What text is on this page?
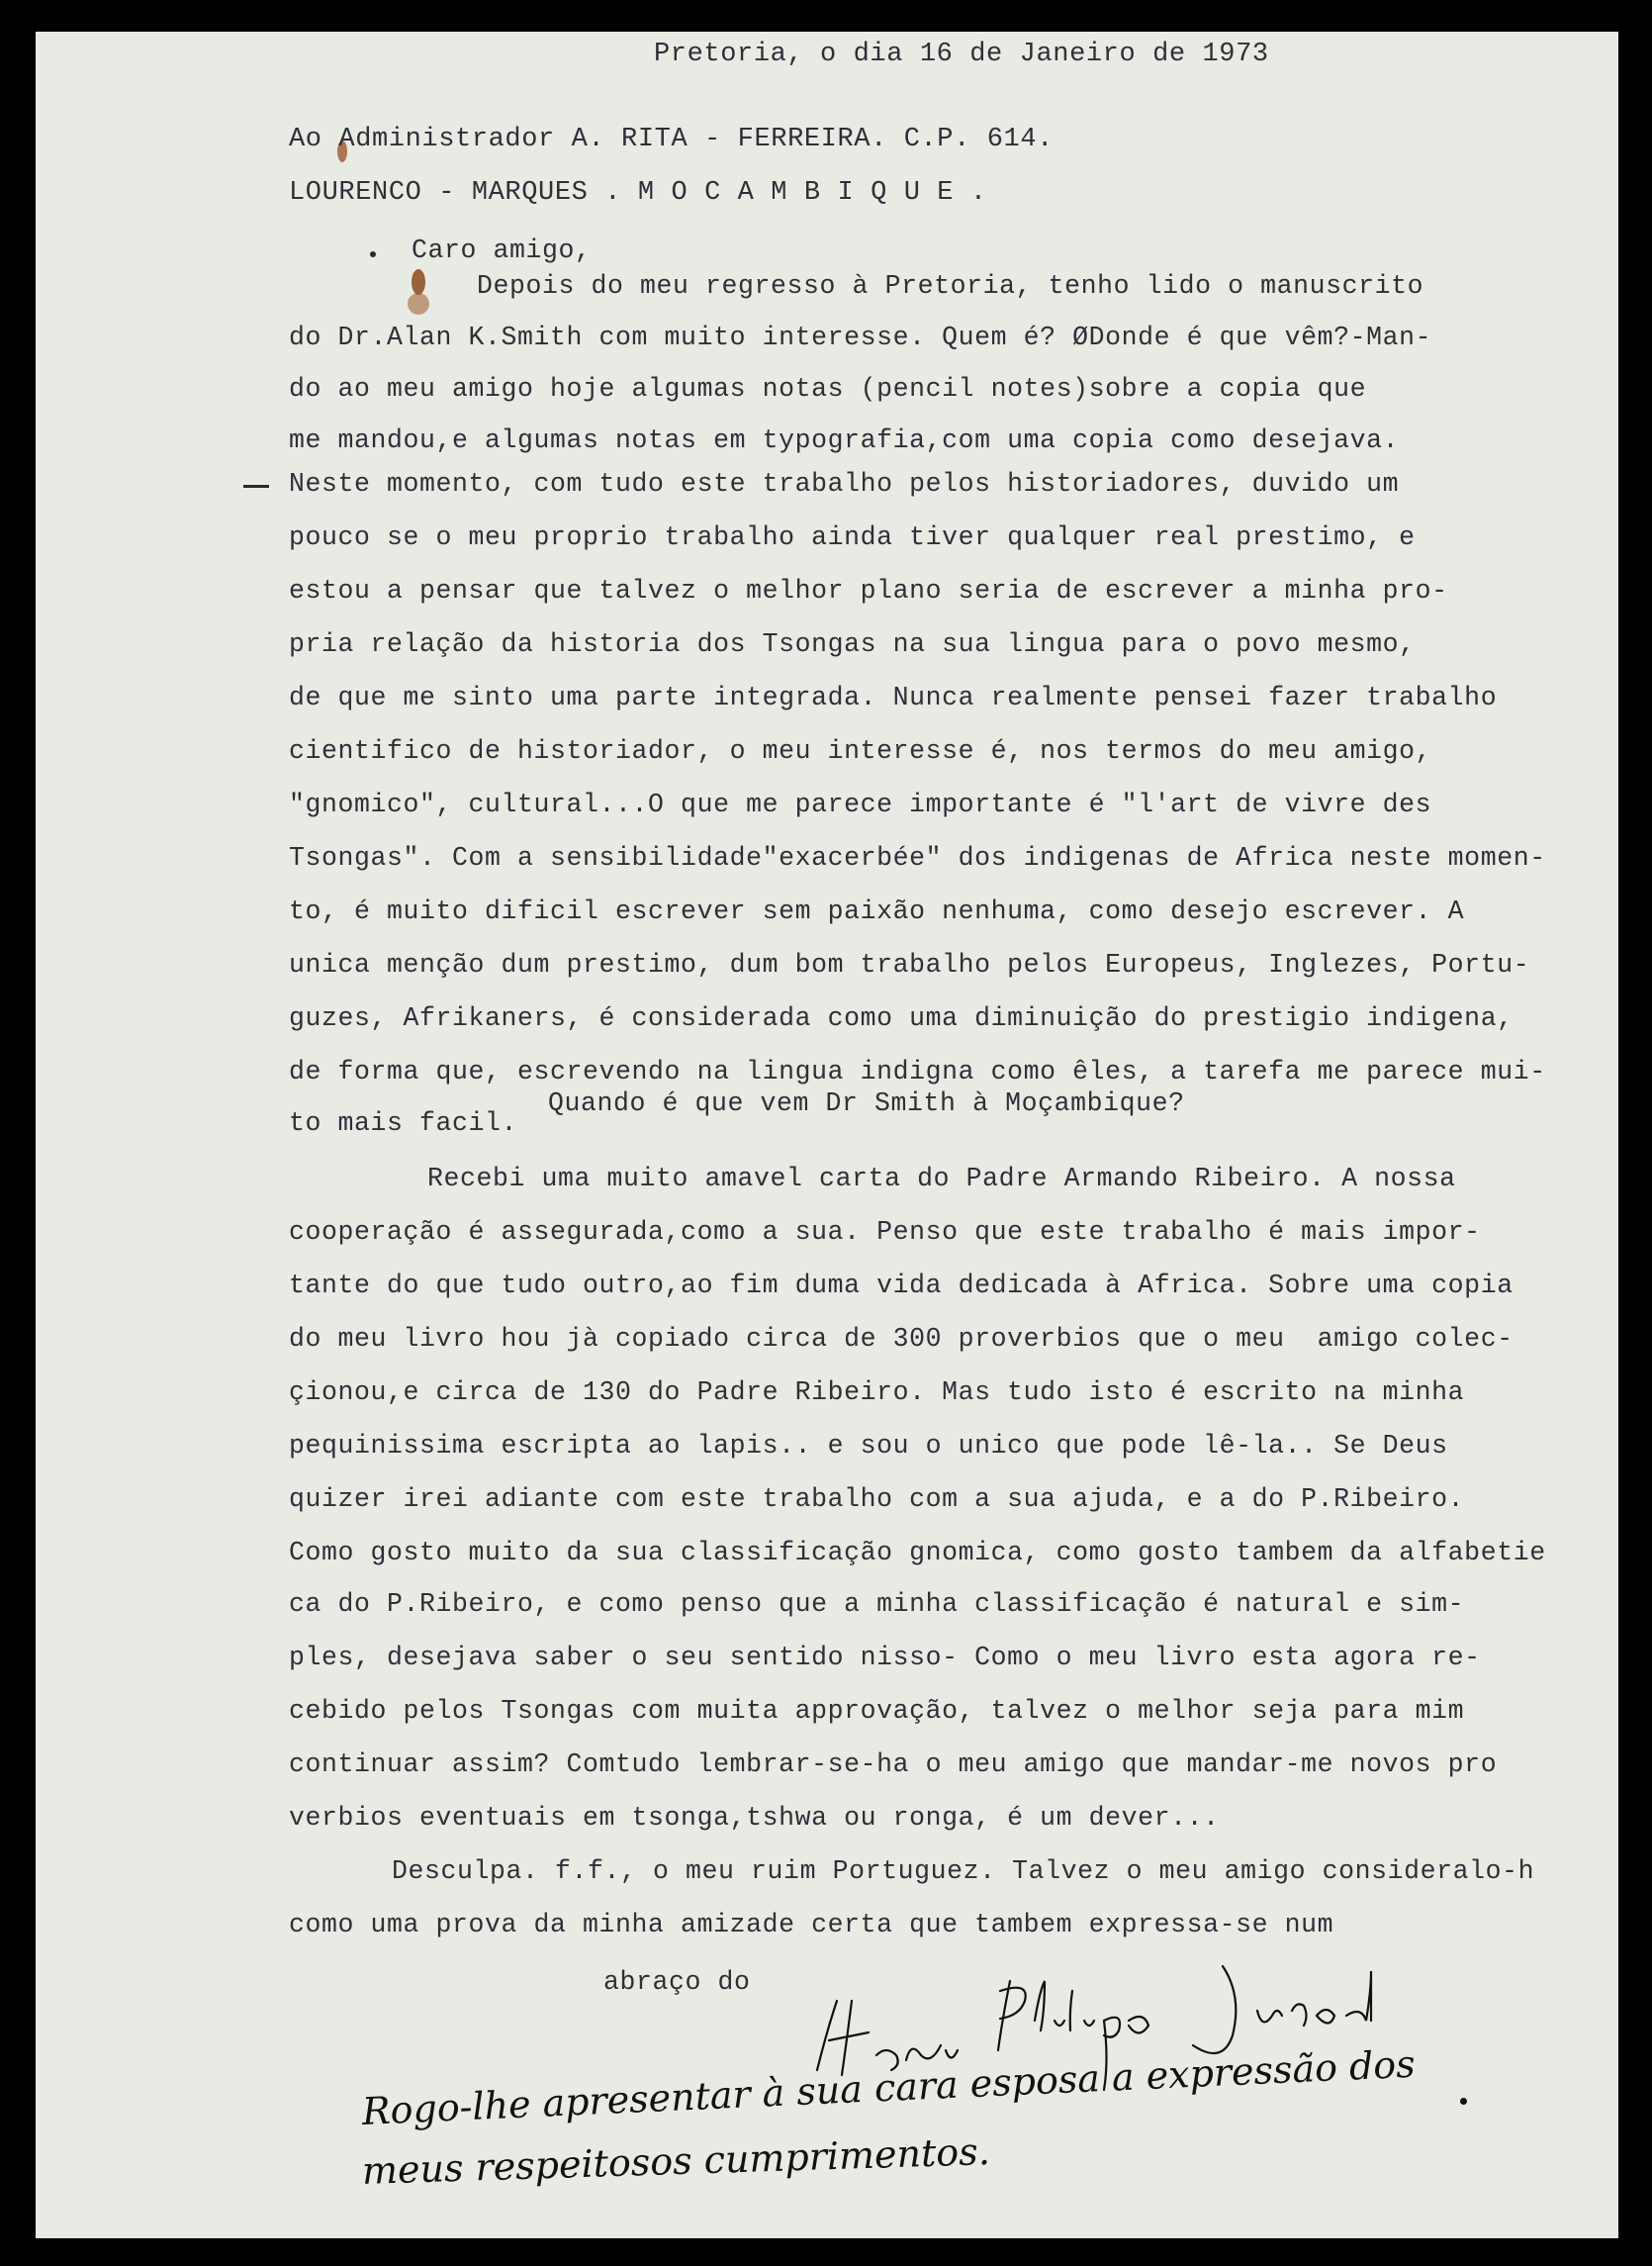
Pretoria, o dia 16 de Janeiro de 1973
Ao Administrador A. RITA - FERREIRA. C.P. 614.
LOURENCO - MARQUES . M O C A M B I Q U E .
Caro amigo,
Depois do meu regresso à Pretoria, tenho lido o manuscrito
do Dr.Alan K.Smith com muito interesse. Quem é? ØDonde é que vêm?-Man-
do ao meu amigo hoje algumas notas (pencil notes)sobre a copia que
me mandou,e algumas notas em typografia,com uma copia como desejava.
Neste momento, com tudo este trabalho pelos historiadores, duvido um
pouco se o meu proprio trabalho ainda tiver qualquer real prestimo, e
estou a pensar que talvez o melhor plano seria de escrever a minha pro-
pria relação da historia dos Tsongas na sua lingua para o povo mesmo,
de que me sinto uma parte integrada. Nunca realmente pensei fazer trabalho
cientifico de historiador, o meu interesse é, nos termos do meu amigo,
"gnomico", cultural...O que me parece importante é "l'art de vivre des
Tsongas". Com a sensibilidade"exacerbée" dos indigenas de Africa neste momen-
to, é muito dificil escrever sem paixão nenhuma, como desejo escrever. A
unica menção dum prestimo, dum bom trabalho pelos Europeus, Inglezes, Portu-
guzes, Afrikaners, é considerada como uma diminuição do prestigio indigena,
de forma que, escrevendo na lingua indigna como êles, a tarefa me parece mui-
to mais facil.
Quando é que vem Dr Smith à Moçambique?
Recebi uma muito amavel carta do Padre Armando Ribeiro. A nossa
cooperação é assegurada,como a sua. Penso que este trabalho é mais impor-
tante do que tudo outro,ao fim duma vida dedicada à Africa. Sobre uma copia
do meu livro hou jà copiado circa de 300 proverbios que o meu  amigo colec-
çionou,e circa de 130 do Padre Ribeiro. Mas tudo isto é escrito na minha
pequinissima escripta ao lapis.. e sou o unico que pode lê-la.. Se Deus
quizer irei adiante com este trabalho com a sua ajuda, e a do P.Ribeiro.
Como gosto muito da sua classificação gnomica, como gosto tambem da alfabetie
ca do P.Ribeiro, e como penso que a minha classificação é natural e sim-
ples, desejava saber o seu sentido nisso- Como o meu livro esta agora re-
cebido pelos Tsongas com muita approvação, talvez o melhor seja para mim
continuar assim? Comtudo lembrar-se-ha o meu amigo que mandar-me novos pro
verbios eventuais em tsonga,tshwa ou ronga, é um dever...
Desculpa. f.f., o meu ruim Portuguez. Talvez o meu amigo consideralo-h
como uma prova da minha amizade certa que tambem expressa-se num
abraço do
Rogo-lhe apresentar à sua cara esposa a expressão dos
meus respeitosos cumprimentos.
